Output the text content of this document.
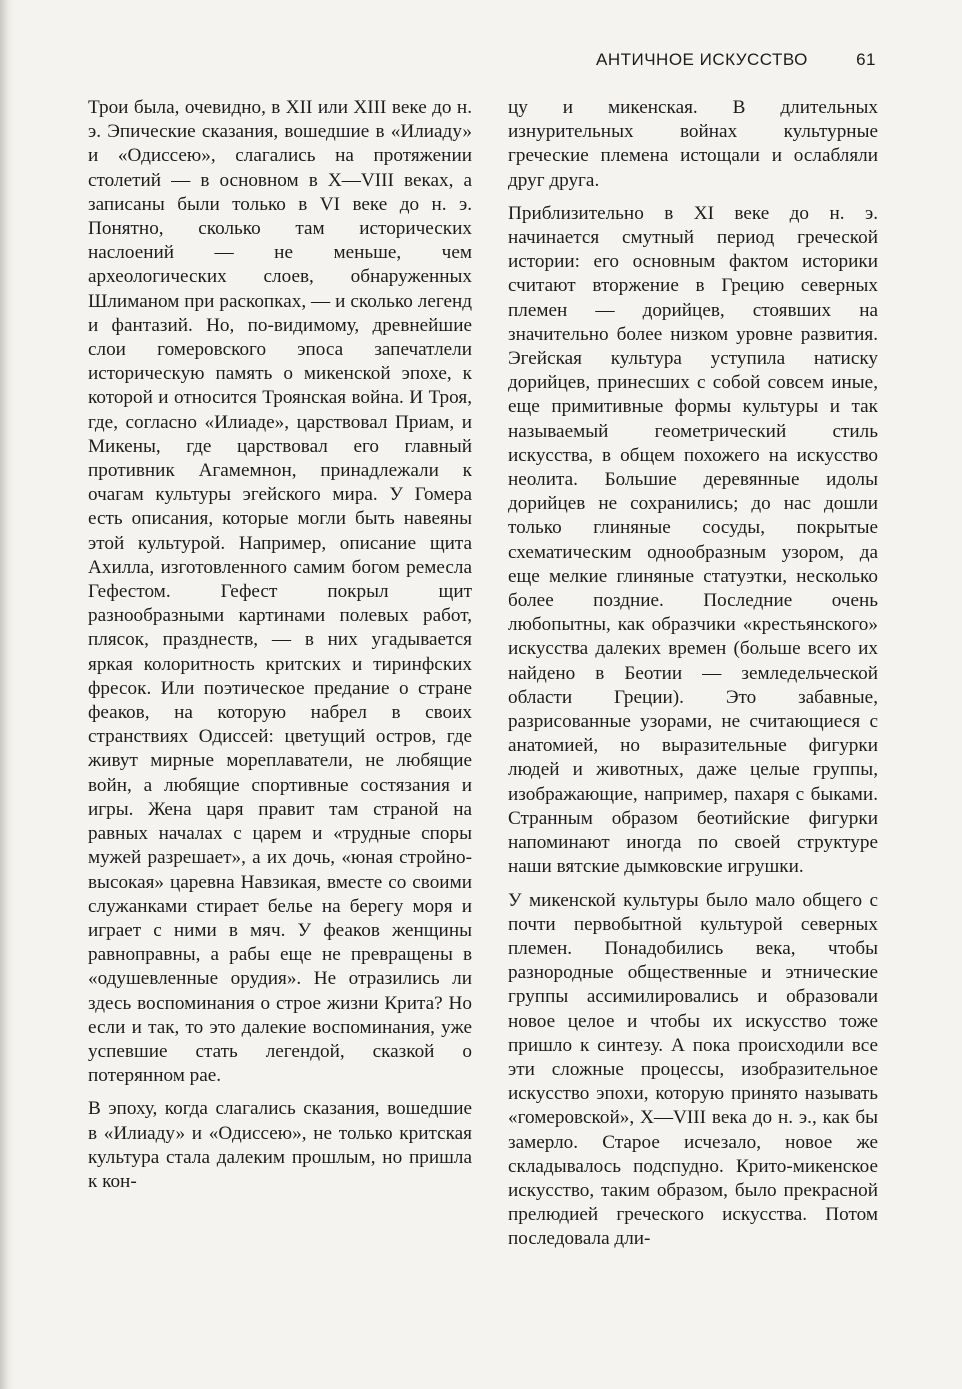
АНТИЧНОЕ ИСКУССТВО	61

Трои была, очевидно, в XII или XIII веке до н. э. Эпические сказания, вошедшие в «Илиаду» и «Одиссею», слагались на протяжении столетий — в основном в X—VIII веках, а записаны были только в VI веке до н. э. Понятно, сколько там исторических наслоений — не меньше, чем археологических слоев, обнаруженных Шлиманом при раскопках, — и сколько легенд и фантазий. Но, по-видимому, древнейшие слои гомеровского эпоса запечатлели историческую память о микенской эпохе, к которой и относится Троянская война. И Троя, где, согласно «Илиаде», царствовал Приам, и Микены, где царствовал его главный противник Агамемнон, принадлежали к очагам культуры эгейского мира. У Гомера есть описания, которые могли быть навеяны этой культурой. Например, описание щита Ахилла, изготовленного самим богом ремесла Гефестом. Гефест покрыл щит разнообразными картинами полевых работ, плясок, празднеств, — в них угадывается яркая колоритность критских и тиринфских фресок. Или поэтическое предание о стране феаков, на которую набрел в своих странствиях Одиссей: цветущий остров, где живут мирные мореплаватели, не любящие войн, а любящие спортивные состязания и игры. Жена царя правит там страной на равных началах с царем и «трудные споры мужей разрешает», а их дочь, «юная стройно-высокая» царевна Навзикая, вместе со своими служанками стирает белье на берегу моря и играет с ними в мяч. У феаков женщины равноправны, а рабы еще не превращены в «одушевленные орудия». Не отразились ли здесь воспоминания о строе жизни Крита? Но если и так, то это далекие воспоминания, уже успевшие стать легендой, сказкой о потерянном рае.

В эпоху, когда слагались сказания, вошедшие в «Илиаду» и «Одиссею», не только критская культура стала далеким прошлым, но пришла к кон-

цу и микенская. В длительных изнурительных войнах культурные греческие племена истощали и ослабляли друг друга.

Приблизительно в XI веке до н. э. начинается смутный период греческой истории: его основным фактом историки считают вторжение в Грецию северных племен — дорийцев, стоявших на значительно более низком уровне развития. Эгейская культура уступила натиску дорийцев, принесших с собой совсем иные, еще примитивные формы культуры и так называемый геометрический стиль искусства, в общем похожего на искусство неолита. Большие деревянные идолы дорийцев не сохранились; до нас дошли только глиняные сосуды, покрытые схематическим однообразным узором, да еще мелкие глиняные статуэтки, несколько более поздние. Последние очень любопытны, как образчики «крестьянского» искусства далеких времен (больше всего их найдено в Беотии — земледельческой области Греции). Это забавные, разрисованные узорами, не считающиеся с анатомией, но выразительные фигурки людей и животных, даже целые группы, изображающие, например, пахаря с быками. Странным образом беотийские фигурки напоминают иногда по своей структуре наши вятские дымковские игрушки.

У микенской культуры было мало общего с почти первобытной культурой северных племен. Понадобились века, чтобы разнородные общественные и этнические группы ассимилировались и образовали новое целое и чтобы их искусство тоже пришло к синтезу. А пока происходили все эти сложные процессы, изобразительное искусство эпохи, которую принято называть «гомеровской», X—VIII века до н. э., как бы замерло. Старое исчезало, новое же складывалось подспудно. Крито-микенское искусство, таким образом, было прекрасной прелюдией греческого искусства. Потом последовала дли-
